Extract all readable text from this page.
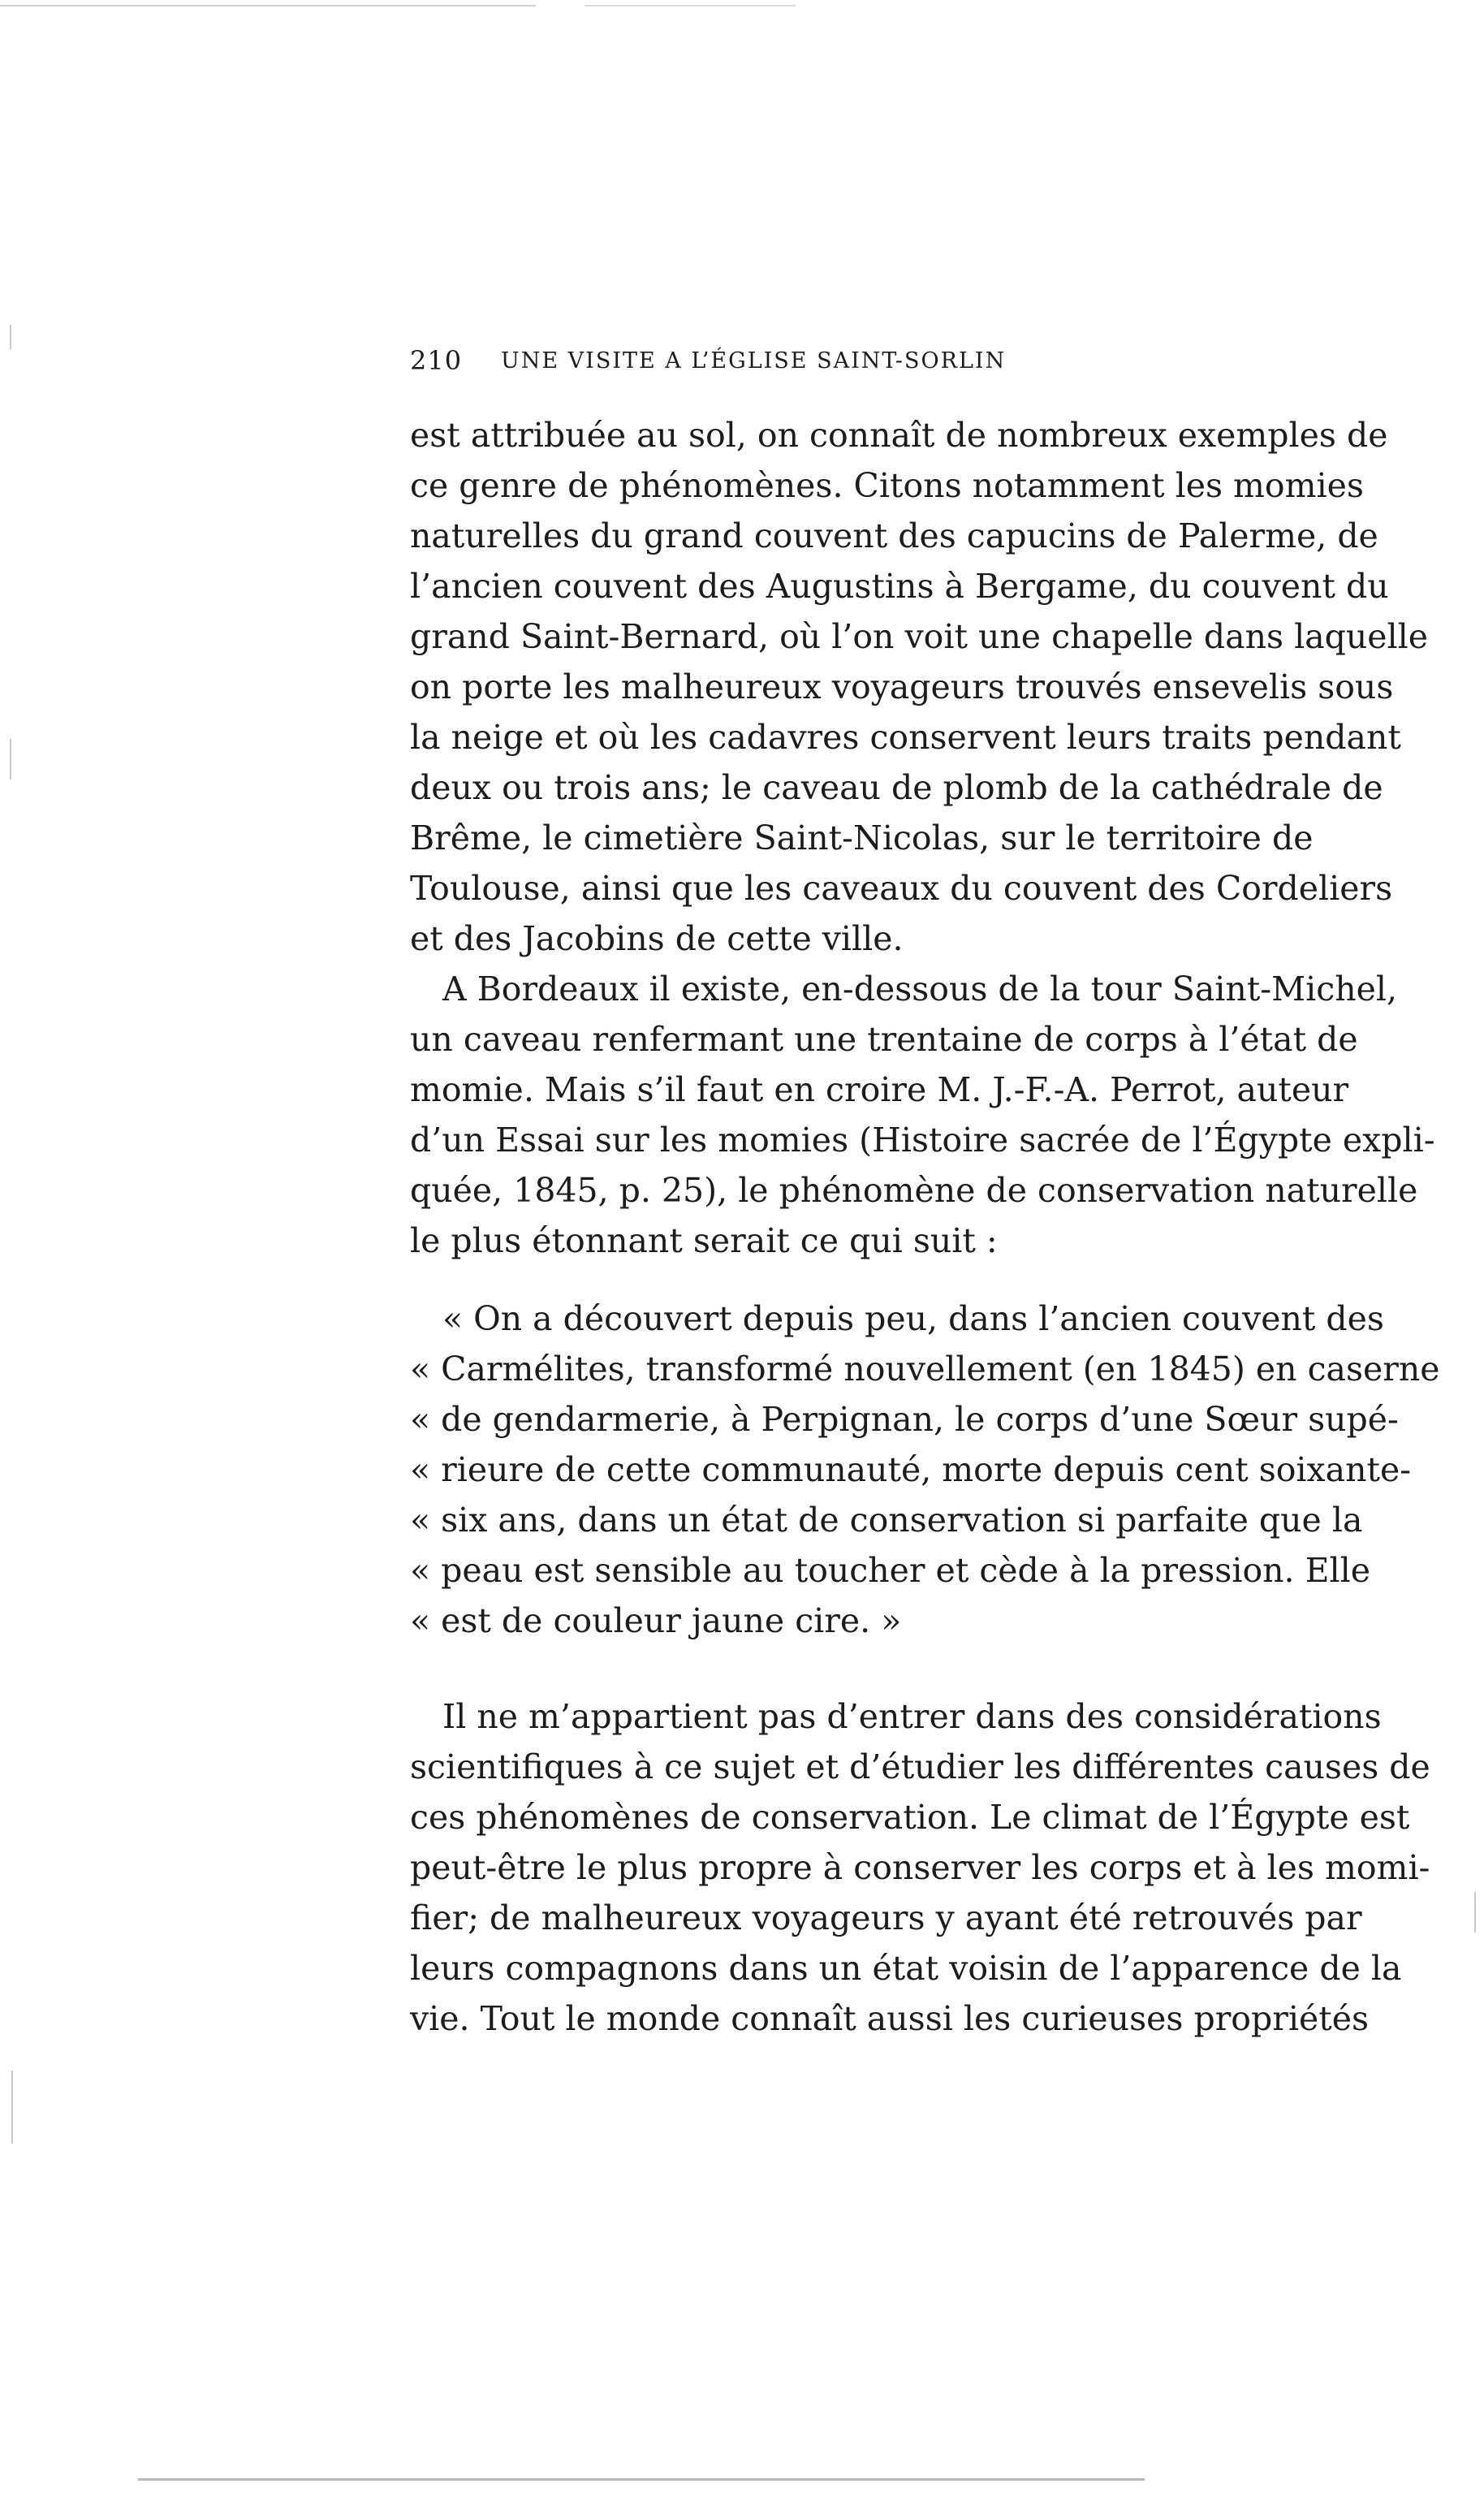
210 UNE VISITE A L’ÉGLISE SAINT-SORLIN
est attribuée au sol, on connaît de nombreux exemples de
ce genre de phénomènes. Citons notamment les momies
naturelles du grand couvent des capucins de Palerme, de
l’ancien couvent des Augustins à Bergame, du couvent du
grand Saint-Bernard, où l’on voit une chapelle dans laquelle
on porte les malheureux voyageurs trouvés ensevelis sous
la neige et où les cadavres conservent leurs traits pendant
deux ou trois ans; le caveau de plomb de la cathédrale de
Brême, le cimetière Saint-Nicolas, sur le territoire de
Toulouse, ainsi que les caveaux du couvent des Cordeliers
et des Jacobins de cette ville.
A Bordeaux il existe, en-dessous de la tour Saint-Michel,
un caveau renfermant une trentaine de corps à l’état de
momie. Mais s’il faut en croire M. J.-F.-A. Perrot, auteur
d’un Essai sur les momies (Histoire sacrée de l’Égypte expli-
quée, 1845, p. 25), le phénomène de conservation naturelle
le plus étonnant serait ce qui suit :
« On a découvert depuis peu, dans l’ancien couvent des
« Carmélites, transformé nouvellement (en 1845) en caserne
« de gendarmerie, à Perpignan, le corps d’une Sœur supé-
« rieure de cette communauté, morte depuis cent soixante-
« six ans, dans un état de conservation si parfaite que la
« peau est sensible au toucher et cède à la pression. Elle
« est de couleur jaune cire. »
Il ne m’appartient pas d’entrer dans des considérations
scientifiques à ce sujet et d’étudier les différentes causes de
ces phénomènes de conservation. Le climat de l’Égypte est
peut-être le plus propre à conserver les corps et à les momi-
fier; de malheureux voyageurs y ayant été retrouvés par
leurs compagnons dans un état voisin de l’apparence de la
vie. Tout le monde connaît aussi les curieuses propriétés
